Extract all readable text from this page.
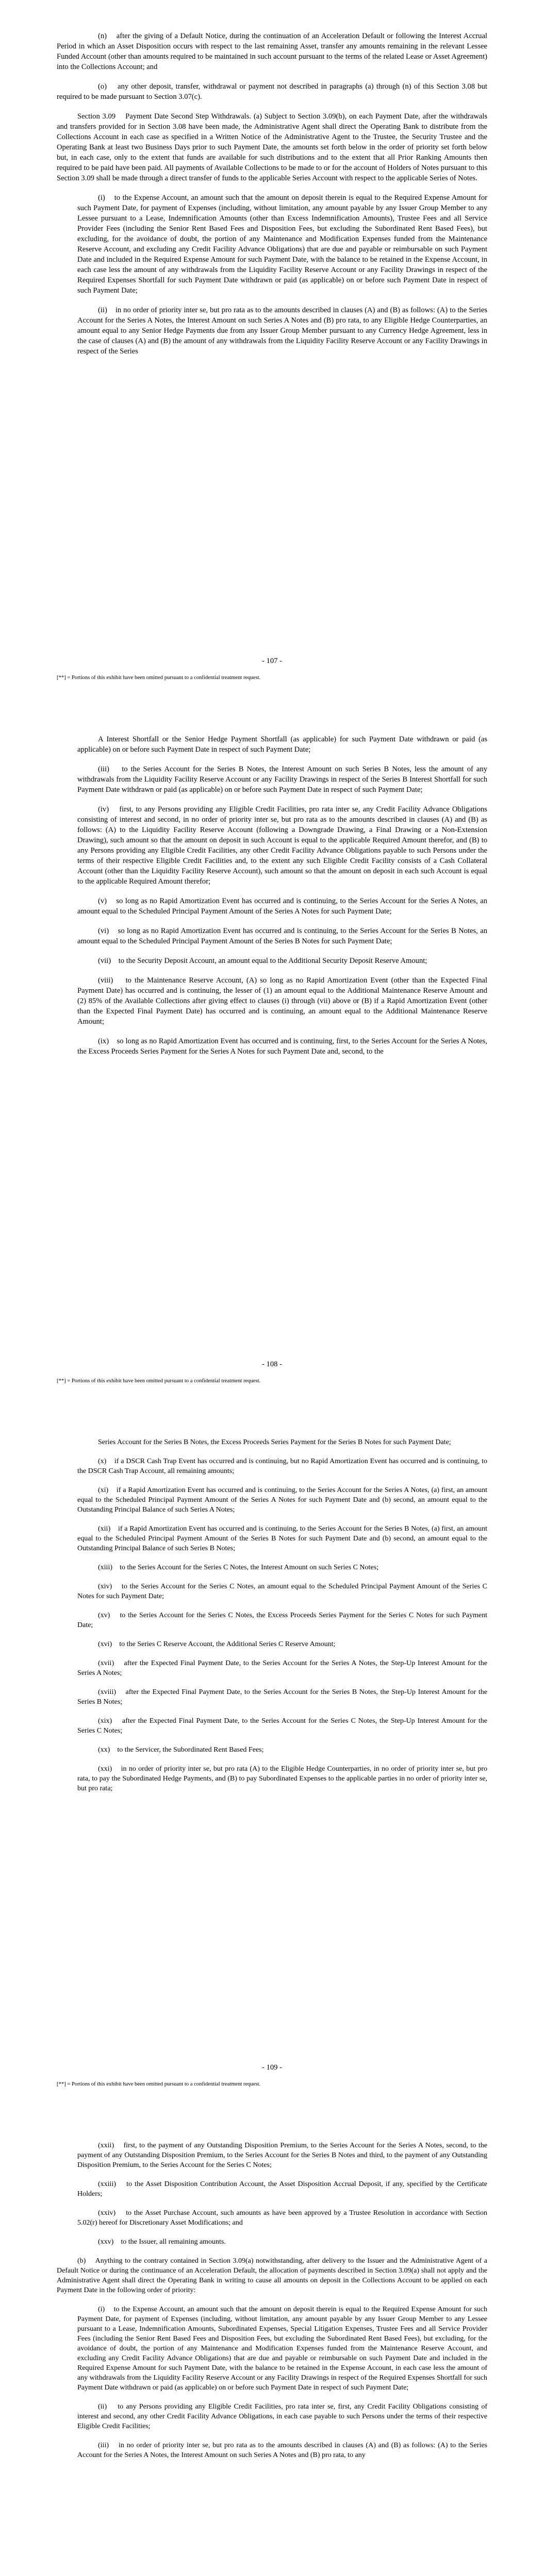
(n)    after the giving of a Default Notice, during the continuation of an Acceleration Default or following the Interest Accrual Period in which an Asset Disposition occurs with respect to the last remaining Asset, transfer any amounts remaining in the relevant Lessee Funded Account (other than amounts required to be maintained in such account pursuant to the terms of the related Lease or Asset Agreement) into the Collections Account; and

(o)    any other deposit, transfer, withdrawal or payment not described in paragraphs (a) through (n) of this Section 3.08 but required to be made pursuant to Section 3.07(c).

Section 3.09    Payment Date Second Step Withdrawals. (a) Subject to Section 3.09(b), on each Payment Date, after the withdrawals and transfers provided for in Section 3.08 have been made, the Administrative Agent shall direct the Operating Bank to distribute from the Collections Account in each case as specified in a Written Notice of the Administrative Agent to the Trustee, the Security Trustee and the Operating Bank at least two Business Days prior to such Payment Date, the amounts set forth below in the order of priority set forth below but, in each case, only to the extent that funds are available for such distributions and to the extent that all Prior Ranking Amounts then required to be paid have been paid. All payments of Available Collections to be made to or for the account of Holders of Notes pursuant to this Section 3.09 shall be made through a direct transfer of funds to the applicable Series Account with respect to the applicable Series of Notes.

(i)    to the Expense Account, an amount such that the amount on deposit therein is equal to the Required Expense Amount for such Payment Date, for payment of Expenses (including, without limitation, any amount payable by any Issuer Group Member to any Lessee pursuant to a Lease, Indemnification Amounts (other than Excess Indemnification Amounts), Trustee Fees and all Service Provider Fees (including the Senior Rent Based Fees and Disposition Fees, but excluding the Subordinated Rent Based Fees), but excluding, for the avoidance of doubt, the portion of any Maintenance and Modification Expenses funded from the Maintenance Reserve Account, and excluding any Credit Facility Advance Obligations) that are due and payable or reimbursable on such Payment Date and included in the Required Expense Amount for such Payment Date, with the balance to be retained in the Expense Account, in each case less the amount of any withdrawals from the Liquidity Facility Reserve Account or any Facility Drawings in respect of the Required Expenses Shortfall for such Payment Date withdrawn or paid (as applicable) on or before such Payment Date in respect of such Payment Date;

(ii)    in no order of priority inter se, but pro rata as to the amounts described in clauses (A) and (B) as follows: (A) to the Series Account for the Series A Notes, the Interest Amount on such Series A Notes and (B) pro rata, to any Eligible Hedge Counterparties, an amount equal to any Senior Hedge Payments due from any Issuer Group Member pursuant to any Currency Hedge Agreement, less in the case of clauses (A) and (B) the amount of any withdrawals from the Liquidity Facility Reserve Account or any Facility Drawings in respect of the Series

- 107 -
[**] = Portions of this exhibit have been omitted pursuant to a confidential treatment request.

A Interest Shortfall or the Senior Hedge Payment Shortfall (as applicable) for such Payment Date withdrawn or paid (as applicable) on or before such Payment Date in respect of such Payment Date;

(iii)    to the Series Account for the Series B Notes, the Interest Amount on such Series B Notes, less the amount of any withdrawals from the Liquidity Facility Reserve Account or any Facility Drawings in respect of the Series B Interest Shortfall for such Payment Date withdrawn or paid (as applicable) on or before such Payment Date in respect of such Payment Date;

(iv)    first, to any Persons providing any Eligible Credit Facilities, pro rata inter se, any Credit Facility Advance Obligations consisting of interest and second, in no order of priority inter se, but pro rata as to the amounts described in clauses (A) and (B) as follows: (A) to the Liquidity Facility Reserve Account (following a Downgrade Drawing, a Final Drawing or a Non-Extension Drawing), such amount so that the amount on deposit in such Account is equal to the applicable Required Amount therefor, and (B) to any Persons providing any Eligible Credit Facilities, any other Credit Facility Advance Obligations payable to such Persons under the terms of their respective Eligible Credit Facilities and, to the extent any such Eligible Credit Facility consists of a Cash Collateral Account (other than the Liquidity Facility Reserve Account), such amount so that the amount on deposit in each such Account is equal to the applicable Required Amount therefor;

(v)    so long as no Rapid Amortization Event has occurred and is continuing, to the Series Account for the Series A Notes, an amount equal to the Scheduled Principal Payment Amount of the Series A Notes for such Payment Date;

(vi)    so long as no Rapid Amortization Event has occurred and is continuing, to the Series Account for the Series B Notes, an amount equal to the Scheduled Principal Payment Amount of the Series B Notes for such Payment Date;

(vii)    to the Security Deposit Account, an amount equal to the Additional Security Deposit Reserve Amount;

(viii)    to the Maintenance Reserve Account, (A) so long as no Rapid Amortization Event (other than the Expected Final Payment Date) has occurred and is continuing, the lesser of (1) an amount equal to the Additional Maintenance Reserve Amount and (2) 85% of the Available Collections after giving effect to clauses (i) through (vii) above or (B) if a Rapid Amortization Event (other than the Expected Final Payment Date) has occurred and is continuing, an amount equal to the Additional Maintenance Reserve Amount;

(ix)    so long as no Rapid Amortization Event has occurred and is continuing, first, to the Series Account for the Series A Notes, the Excess Proceeds Series Payment for the Series A Notes for such Payment Date and, second, to the

- 108 -
[**] = Portions of this exhibit have been omitted pursuant to a confidential treatment request.

Series Account for the Series B Notes, the Excess Proceeds Series Payment for the Series B Notes for such Payment Date;

(x)    if a DSCR Cash Trap Event has occurred and is continuing, but no Rapid Amortization Event has occurred and is continuing, to the DSCR Cash Trap Account, all remaining amounts;

(xi)    if a Rapid Amortization Event has occurred and is continuing, to the Series Account for the Series A Notes, (a) first, an amount equal to the Scheduled Principal Payment Amount of the Series A Notes for such Payment Date and (b) second, an amount equal to the Outstanding Principal Balance of such Series A Notes;

(xii)    if a Rapid Amortization Event has occurred and is continuing, to the Series Account for the Series B Notes, (a) first, an amount equal to the Scheduled Principal Payment Amount of the Series B Notes for such Payment Date and (b) second, an amount equal to the Outstanding Principal Balance of such Series B Notes;

(xiii)    to the Series Account for the Series C Notes, the Interest Amount on such Series C Notes;

(xiv)    to the Series Account for the Series C Notes, an amount equal to the Scheduled Principal Payment Amount of the Series C Notes for such Payment Date;

(xv)    to the Series Account for the Series C Notes, the Excess Proceeds Series Payment for the Series C Notes for such Payment Date;

(xvi)    to the Series C Reserve Account, the Additional Series C Reserve Amount;

(xvii)    after the Expected Final Payment Date, to the Series Account for the Series A Notes, the Step-Up Interest Amount for the Series A Notes;

(xviii)    after the Expected Final Payment Date, to the Series Account for the Series B Notes, the Step-Up Interest Amount for the Series B Notes;

(xix)    after the Expected Final Payment Date, to the Series Account for the Series C Notes, the Step-Up Interest Amount for the Series C Notes;

(xx)    to the Servicer, the Subordinated Rent Based Fees;

(xxi)    in no order of priority inter se, but pro rata (A) to the Eligible Hedge Counterparties, in no order of priority inter se, but pro rata, to pay the Subordinated Hedge Payments, and (B) to pay Subordinated Expenses to the applicable parties in no order of priority inter se, but pro rata;

- 109 -
[**] = Portions of this exhibit have been omitted pursuant to a confidential treatment request.

(xxii)    first, to the payment of any Outstanding Disposition Premium, to the Series Account for the Series A Notes, second, to the payment of any Outstanding Disposition Premium, to the Series Account for the Series B Notes and third, to the payment of any Outstanding Disposition Premium, to the Series Account for the Series C Notes;

(xxiii)    to the Asset Disposition Contribution Account, the Asset Disposition Accrual Deposit, if any, specified by the Certificate Holders;

(xxiv)    to the Asset Purchase Account, such amounts as have been approved by a Trustee Resolution in accordance with Section 5.02(r) hereof for Discretionary Asset Modifications; and

(xxv)    to the Issuer, all remaining amounts.

(b)    Anything to the contrary contained in Section 3.09(a) notwithstanding, after delivery to the Issuer and the Administrative Agent of a Default Notice or during the continuance of an Acceleration Default, the allocation of payments described in Section 3.09(a) shall not apply and the Administrative Agent shall direct the Operating Bank in writing to cause all amounts on deposit in the Collections Account to be applied on each Payment Date in the following order of priority:

(i)    to the Expense Account, an amount such that the amount on deposit therein is equal to the Required Expense Amount for such Payment Date, for payment of Expenses (including, without limitation, any amount payable by any Issuer Group Member to any Lessee pursuant to a Lease, Indemnification Amounts, Subordinated Expenses, Special Litigation Expenses, Trustee Fees and all Service Provider Fees (including the Senior Rent Based Fees and Disposition Fees, but excluding the Subordinated Rent Based Fees), but excluding, for the avoidance of doubt, the portion of any Maintenance and Modification Expenses funded from the Maintenance Reserve Account, and excluding any Credit Facility Advance Obligations) that are due and payable or reimbursable on such Payment Date and included in the Required Expense Amount for such Payment Date, with the balance to be retained in the Expense Account, in each case less the amount of any withdrawals from the Liquidity Facility Reserve Account or any Facility Drawings in respect of the Required Expenses Shortfall for such Payment Date withdrawn or paid (as applicable) on or before such Payment Date in respect of such Payment Date;

(ii)    to any Persons providing any Eligible Credit Facilities, pro rata inter se, first, any Credit Facility Obligations consisting of interest and second, any other Credit Facility Advance Obligations, in each case payable to such Persons under the terms of their respective Eligible Credit Facilities;

(iii)    in no order of priority inter se, but pro rata as to the amounts described in clauses (A) and (B) as follows: (A) to the Series Account for the Series A Notes, the Interest Amount on such Series A Notes and (B) pro rata, to any
